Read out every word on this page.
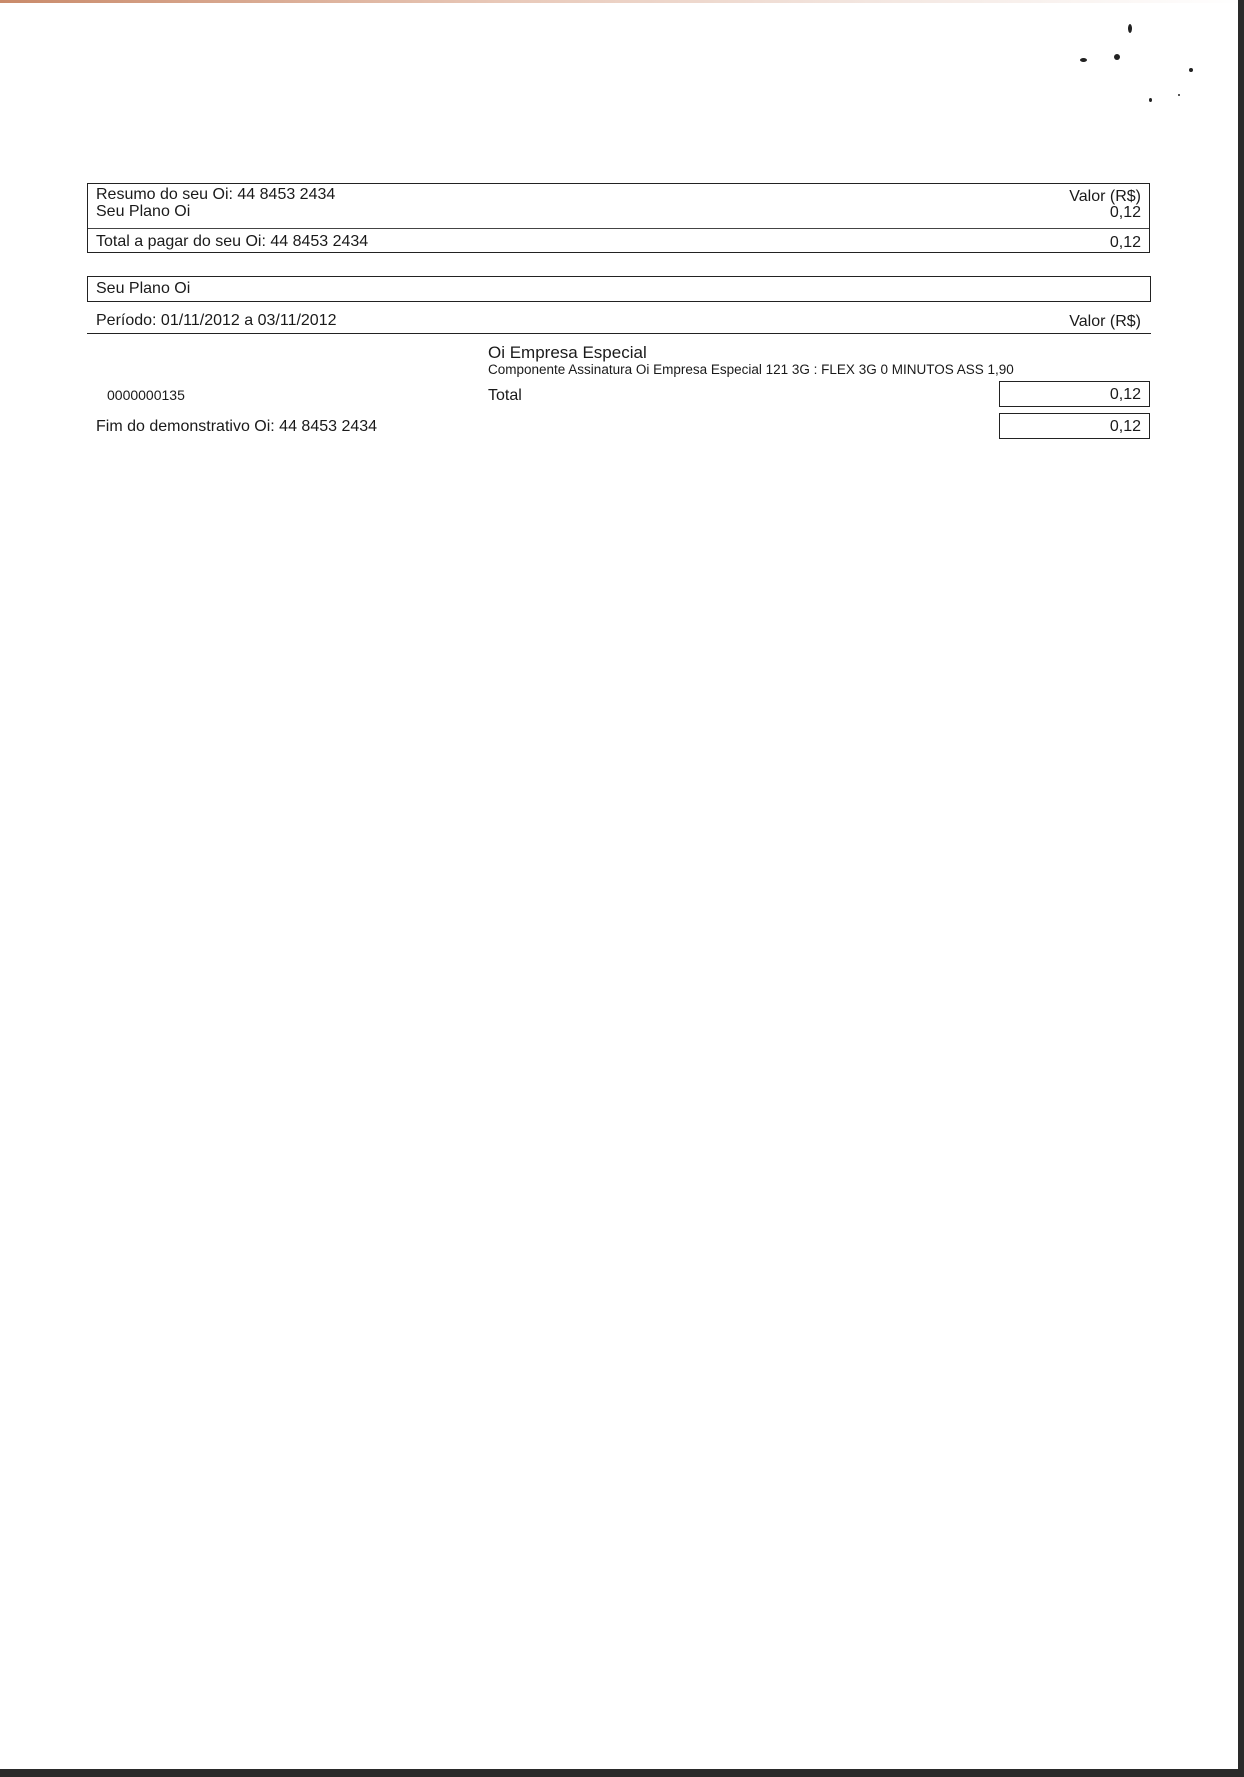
Resumo do seu Oi: 44 8453 2434	Valor (R$)
Seu Plano Oi	0,12
Total a pagar do seu Oi: 44 8453 2434	0,12
Seu Plano Oi
Período: 01/11/2012 a 03/11/2012	Valor (R$)
Oi Empresa Especial
Componente Assinatura Oi Empresa Especial 121 3G : FLEX 3G 0 MINUTOS ASS 1,90
0000000135	Total	0,12
Fim do demonstrativo Oi: 44 8453 2434	0,12
